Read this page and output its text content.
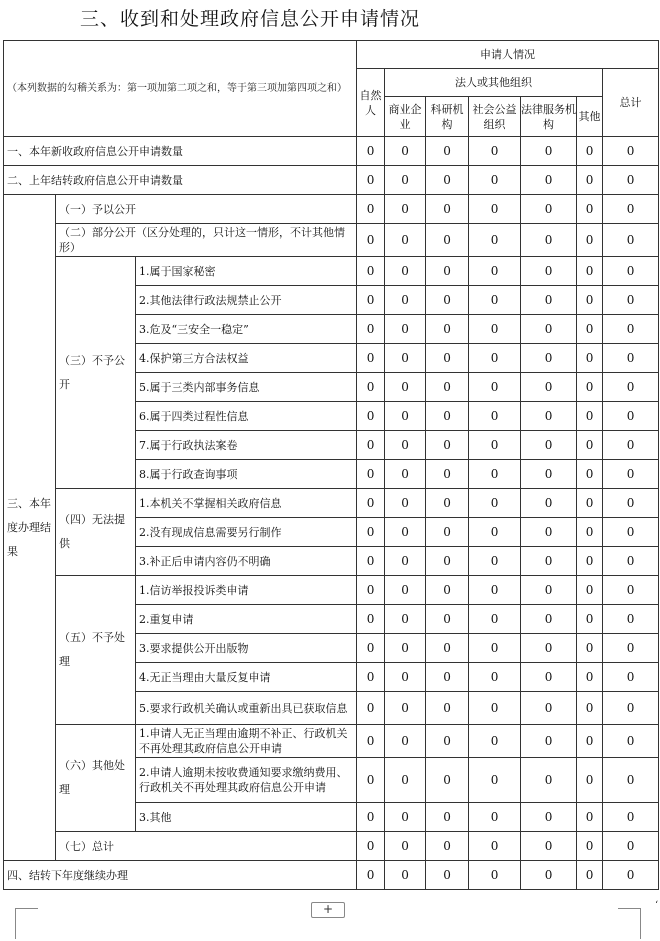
三、收到和处理政府信息公开申请情况
（本列数据的勾稽关系为：第一项加第二项之和，等于第三项加第四项之和）			申请人情况						
			自然人	法人或其他组织					总计
				商业企业	科研机构	社会公益组织	法律服务机构	其他	
一、本年新收政府信息公开申请数量			0	0	0	0	0	0	0
二、上年结转政府信息公开申请数量			0	0	0	0	0	0	0
三、本年度办理结果	（一）予以公开		0	0	0	0	0	0	0
	（二）部分公开（区分处理的，只计这一情形，不计其他情形）		0	0	0	0	0	0	0
	（三）不予公开	1.属于国家秘密	0	0	0	0	0	0	0
		2.其他法律行政法规禁止公开	0	0	0	0	0	0	0
		3.危及“三安全一稳定”	0	0	0	0	0	0	0
		4.保护第三方合法权益	0	0	0	0	0	0	0
		5.属于三类内部事务信息	0	0	0	0	0	0	0
		6.属于四类过程性信息	0	0	0	0	0	0	0
		7.属于行政执法案卷	0	0	0	0	0	0	0
		8.属于行政查询事项	0	0	0	0	0	0	0
	（四）无法提供	1.本机关不掌握相关政府信息	0	0	0	0	0	0	0
		2.没有现成信息需要另行制作	0	0	0	0	0	0	0
		3.补正后申请内容仍不明确	0	0	0	0	0	0	0
	（五）不予处理	1.信访举报投诉类申请	0	0	0	0	0	0	0
		2.重复申请	0	0	0	0	0	0	0
		3.要求提供公开出版物	0	0	0	0	0	0	0
		4.无正当理由大量反复申请	0	0	0	0	0	0	0
		5.要求行政机关确认或重新出具已获取信息	0	0	0	0	0	0	0
	（六）其他处理	1.申请人无正当理由逾期不补正、行政机关不再处理其政府信息公开申请	0	0	0	0	0	0	0
		2.申请人逾期未按收费通知要求缴纳费用、行政机关不再处理其政府信息公开申请	0	0	0	0	0	0	0
		3.其他	0	0	0	0	0	0	0
	（七）总计		0	0	0	0	0	0	0
四、结转下年度继续办理			0	0	0	0	0	0	0
‘
+
